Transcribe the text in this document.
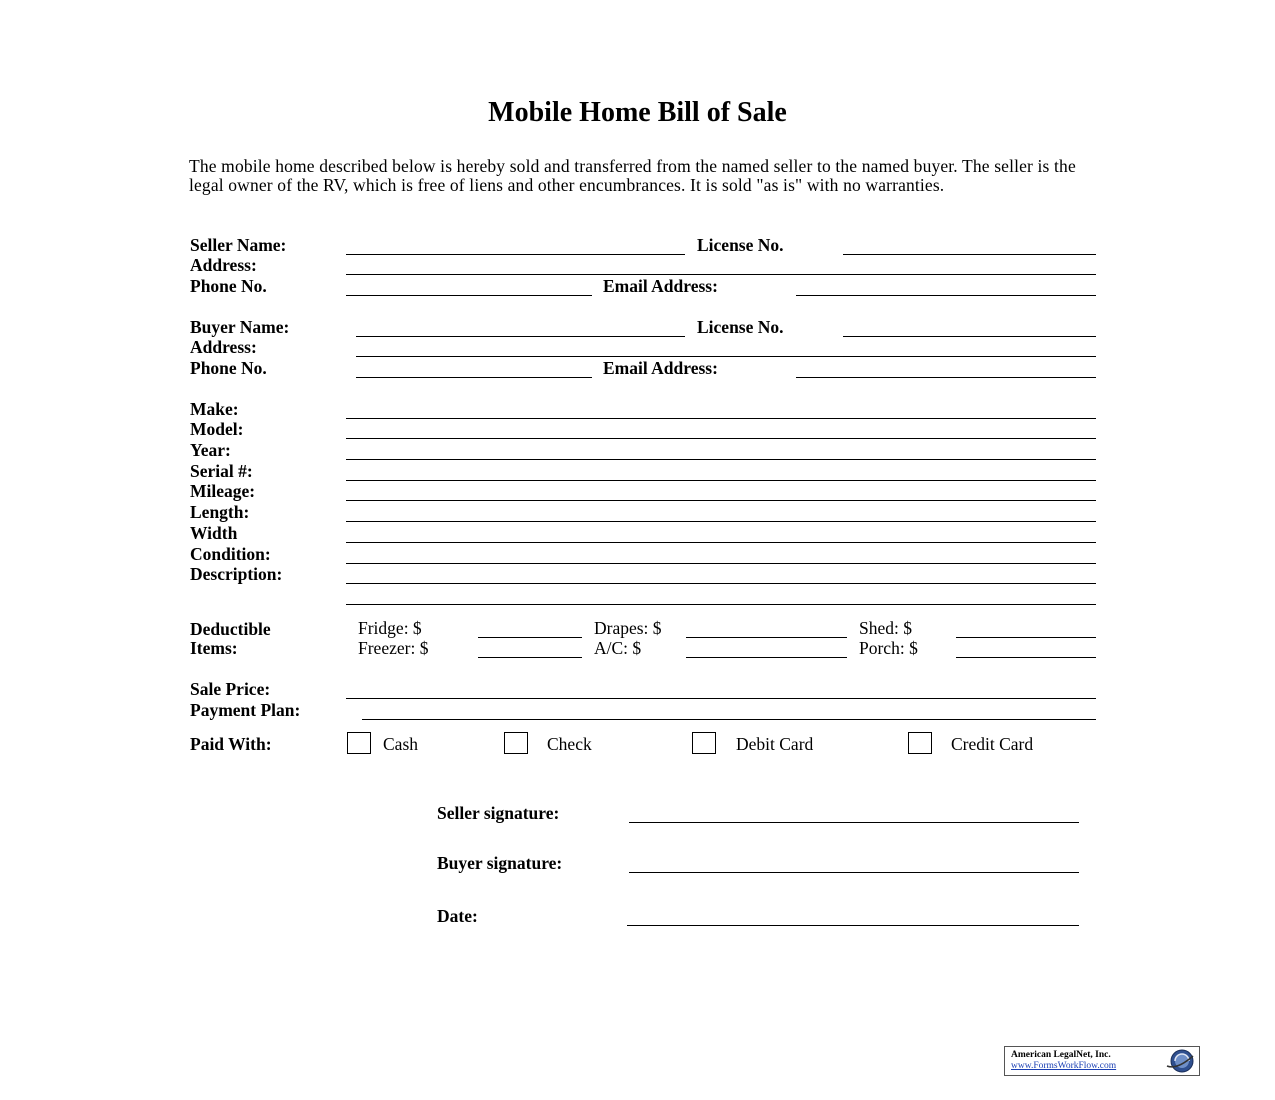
Mobile Home Bill of Sale
The mobile home described below is hereby sold and transferred from the named seller to the named buyer. The seller is the legal owner of the RV, which is free of liens and other encumbrances. It is sold "as is" with no warranties.
Seller Name:	License No.
Address:
Phone No.	Email Address:
Buyer Name:	License No.
Address:
Phone No.	Email Address:
Make:
Model:
Year:
Serial #:
Mileage:
Length:
Width
Condition:
Description:
Deductible
Items:
Fridge: $	Drapes: $	Shed: $
Freezer: $	A/C: $	Porch: $
Sale Price:
Payment Plan:
Paid With:	Cash	Check	Debit Card	Credit Card
Seller signature:
Buyer signature:
Date:
American LegalNet, Inc.
www.FormsWorkFlow.com
